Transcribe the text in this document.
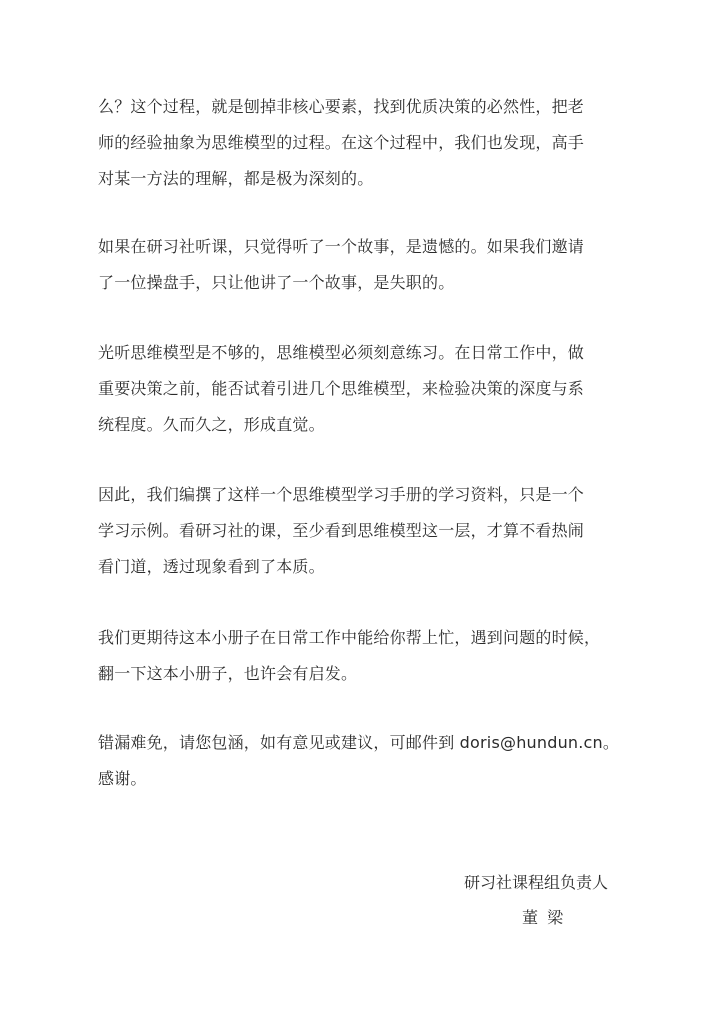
么？这个过程，就是刨掉非核心要素，找到优质决策的必然性，把老
师的经验抽象为思维模型的过程。在这个过程中，我们也发现，高手
对某一方法的理解，都是极为深刻的。
如果在研习社听课，只觉得听了一个故事，是遗憾的。如果我们邀请
了一位操盘手，只让他讲了一个故事，是失职的。
光听思维模型是不够的，思维模型必须刻意练习。在日常工作中，做
重要决策之前，能否试着引进几个思维模型，来检验决策的深度与系
统程度。久而久之，形成直觉。
因此，我们编撰了这样一个思维模型学习手册的学习资料，只是一个
学习示例。看研习社的课，至少看到思维模型这一层，才算不看热闹
看门道，透过现象看到了本质。
我们更期待这本小册子在日常工作中能给你帮上忙，遇到问题的时候，
翻一下这本小册子，也许会有启发。
错漏难免，请您包涵，如有意见或建议，可邮件到 doris@hundun.cn。
感谢。
研习社课程组负责人
董 梁
